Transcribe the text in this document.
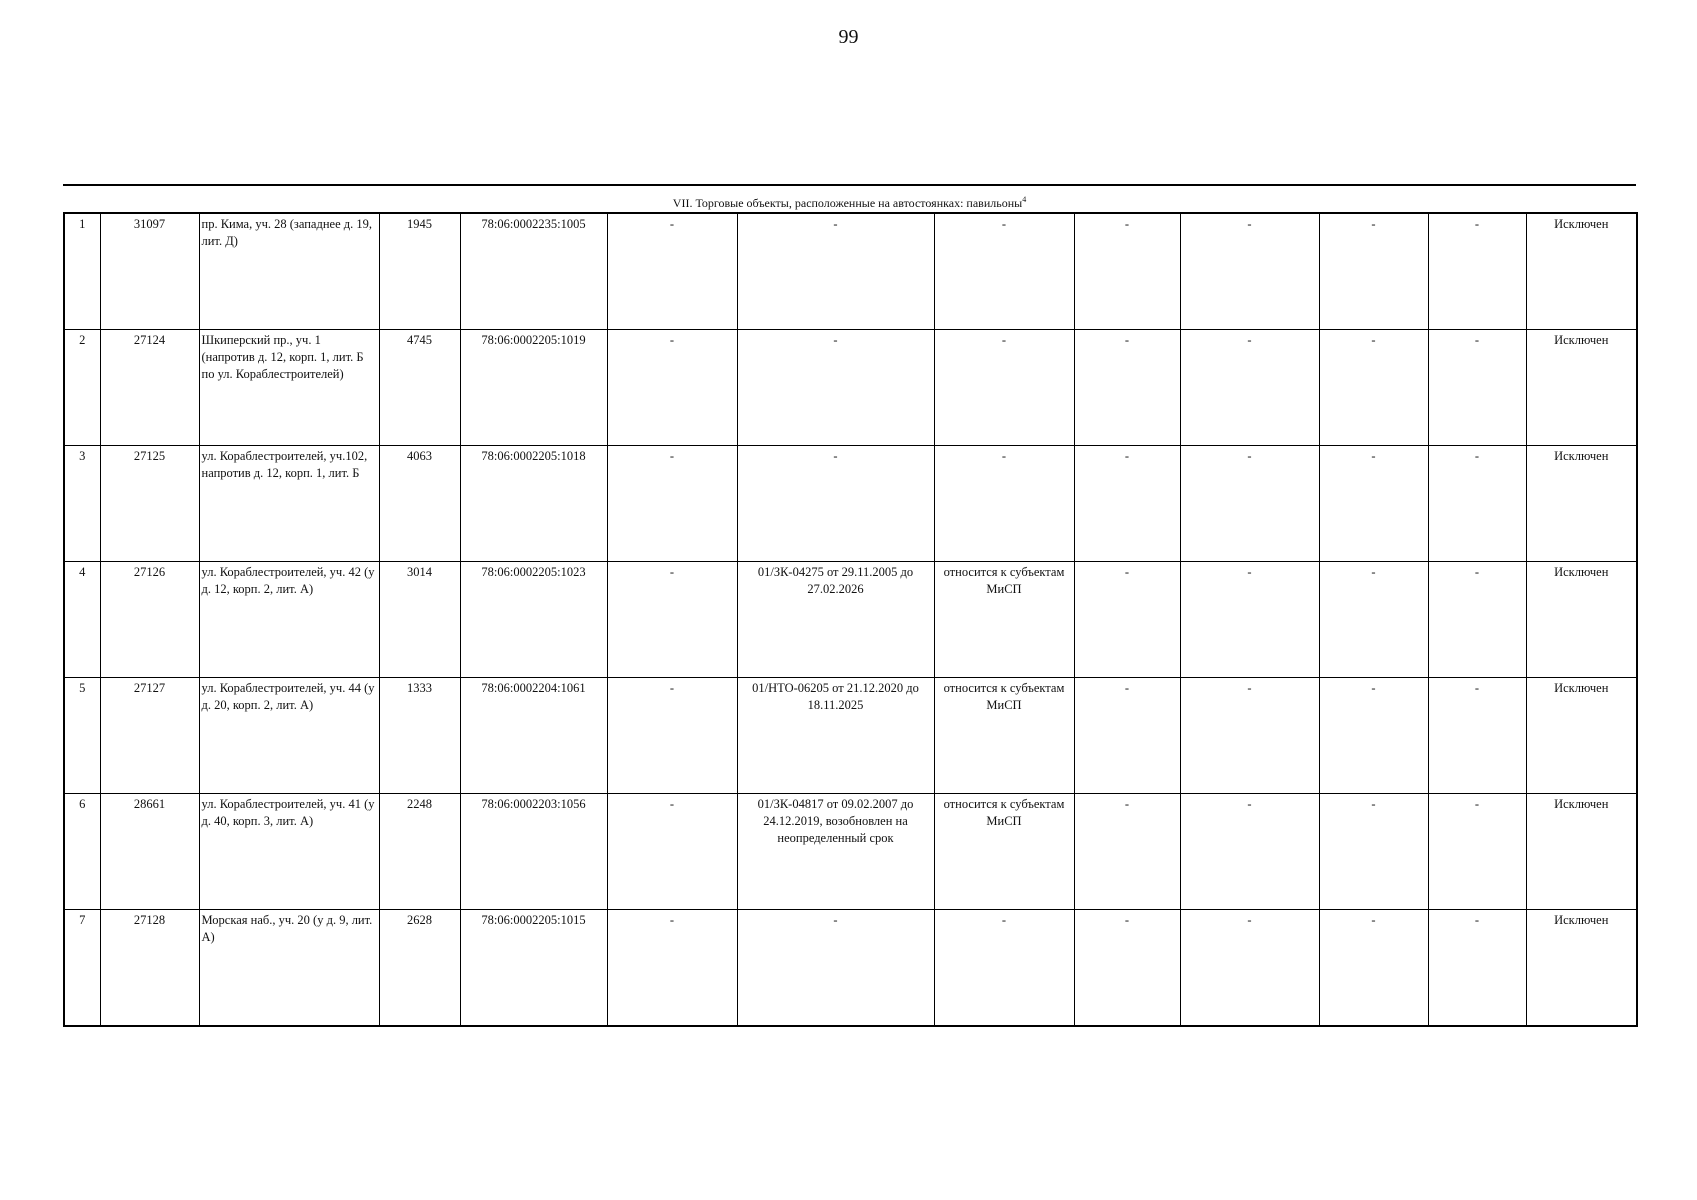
99
VII. Торговые объекты, расположенные на автостоянках: павильоны$^4$
1	31097	пр. Кима, уч. 28 (западнее д. 19, лит. Д)	1945	78:06:0002235:1005	-	-	-	-	-	-	-	Исключен
2	27124	Шкиперский пр., уч. 1 (напротив д. 12, корп. 1, лит. Б по ул. Кораблестроителей)	4745	78:06:0002205:1019	-	-	-	-	-	-	-	Исключен
3	27125	ул. Кораблестроителей, уч.102, напротив д. 12, корп. 1, лит. Б	4063	78:06:0002205:1018	-	-	-	-	-	-	-	Исключен
4	27126	ул. Кораблестроителей, уч. 42 (у д. 12, корп. 2, лит. А)	3014	78:06:0002205:1023	-	01/ЗК-04275 от 29.11.2005 до 27.02.2026	относится к субъектам МиСП	-	-	-	-	Исключен
5	27127	ул. Кораблестроителей, уч. 44 (у д. 20, корп. 2, лит. А)	1333	78:06:0002204:1061	-	01/НТО-06205 от 21.12.2020 до 18.11.2025	относится к субъектам МиСП	-	-	-	-	Исключен
6	28661	ул. Кораблестроителей, уч. 41 (у д. 40, корп. 3, лит. А)	2248	78:06:0002203:1056	-	01/ЗК-04817 от 09.02.2007 до 24.12.2019, возобновлен на неопределенный срок	относится к субъектам МиСП	-	-	-	-	Исключен
7	27128	Морская наб., уч. 20 (у д. 9, лит. А)	2628	78:06:0002205:1015	-	-	-	-	-	-	-	Исключен
